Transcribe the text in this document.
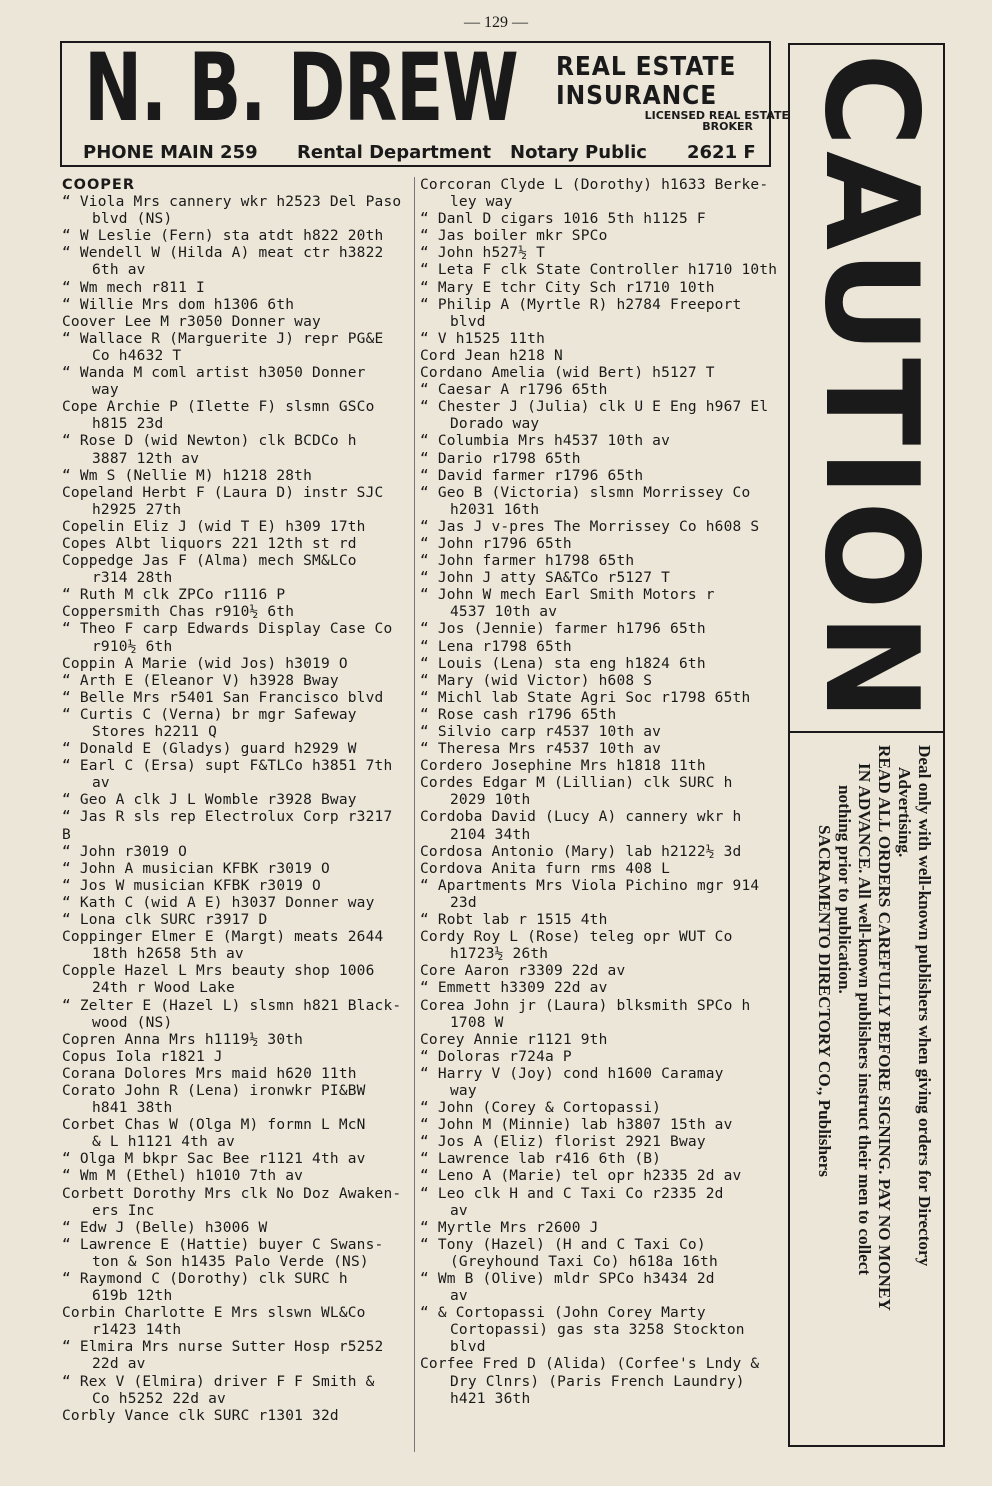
— 129 —
N. B. DREW REAL ESTATE
INSURANCE
LICENSED REAL ESTATE
BROKER
PHONE MAIN 259 Rental Department Notary Public 2621 F
COOPER
“ Viola Mrs cannery wkr h2523 Del Paso
blvd (NS)
“ W Leslie (Fern) sta atdt h822 20th
“ Wendell W (Hilda A) meat ctr h3822
6th av
“ Wm mech r811 I
“ Willie Mrs dom h1306 6th
Coover Lee M r3050 Donner way
“ Wallace R (Marguerite J) repr PG&E
Co h4632 T
“ Wanda M coml artist h3050 Donner
way
Cope Archie P (Ilette F) slsmn GSCo
h815 23d
“ Rose D (wid Newton) clk BCDCo h
3887 12th av
“ Wm S (Nellie M) h1218 28th
Copeland Herbt F (Laura D) instr SJC
h2925 27th
Copelin Eliz J (wid T E) h309 17th
Copes Albt liquors 221 12th st rd
Coppedge Jas F (Alma) mech SM&LCo
r314 28th
“ Ruth M clk ZPCo r1116 P
Coppersmith Chas r910½ 6th
“ Theo F carp Edwards Display Case Co
r910½ 6th
Coppin A Marie (wid Jos) h3019 O
“ Arth E (Eleanor V) h3928 Bway
“ Belle Mrs r5401 San Francisco blvd
“ Curtis C (Verna) br mgr Safeway
Stores h2211 Q
“ Donald E (Gladys) guard h2929 W
“ Earl C (Ersa) supt F&TLCo h3851 7th
av
“ Geo A clk J L Womble r3928 Bway
“ Jas R sls rep Electrolux Corp r3217 B
“ John r3019 O
“ John A musician KFBK r3019 O
“ Jos W musician KFBK r3019 O
“ Kath C (wid A E) h3037 Donner way
“ Lona clk SURC r3917 D
Coppinger Elmer E (Margt) meats 2644
18th h2658 5th av
Copple Hazel L Mrs beauty shop 1006
24th r Wood Lake
“ Zelter E (Hazel L) slsmn h821 Black-
wood (NS)
Copren Anna Mrs h1119½ 30th
Copus Iola r1821 J
Corana Dolores Mrs maid h620 11th
Corato John R (Lena) ironwkr PI&BW
h841 38th
Corbet Chas W (Olga M) formn L McN
& L h1121 4th av
“ Olga M bkpr Sac Bee r1121 4th av
“ Wm M (Ethel) h1010 7th av
Corbett Dorothy Mrs clk No Doz Awaken-
ers Inc
“ Edw J (Belle) h3006 W
“ Lawrence E (Hattie) buyer C Swans-
ton & Son h1435 Palo Verde (NS)
“ Raymond C (Dorothy) clk SURC h
619b 12th
Corbin Charlotte E Mrs slswn WL&Co
r1423 14th
“ Elmira Mrs nurse Sutter Hosp r5252
22d av
“ Rex V (Elmira) driver F F Smith &
Co h5252 22d av
Corbly Vance clk SURC r1301 32d
Corcoran Clyde L (Dorothy) h1633 Berke-
ley way
“ Danl D cigars 1016 5th h1125 F
“ Jas boiler mkr SPCo
“ John h527½ T
“ Leta F clk State Controller h1710 10th
“ Mary E tchr City Sch r1710 10th
“ Philip A (Myrtle R) h2784 Freeport
blvd
“ V h1525 11th
Cord Jean h218 N
Cordano Amelia (wid Bert) h5127 T
“ Caesar A r1796 65th
“ Chester J (Julia) clk U E Eng h967 El
Dorado way
“ Columbia Mrs h4537 10th av
“ Dario r1798 65th
“ David farmer r1796 65th
“ Geo B (Victoria) slsmn Morrissey Co
h2031 16th
“ Jas J v-pres The Morrissey Co h608 S
“ John r1796 65th
“ John farmer h1798 65th
“ John J atty SA&TCo r5127 T
“ John W mech Earl Smith Motors r
4537 10th av
“ Jos (Jennie) farmer h1796 65th
“ Lena r1798 65th
“ Louis (Lena) sta eng h1824 6th
“ Mary (wid Victor) h608 S
“ Michl lab State Agri Soc r1798 65th
“ Rose cash r1796 65th
“ Silvio carp r4537 10th av
“ Theresa Mrs r4537 10th av
Cordero Josephine Mrs h1818 11th
Cordes Edgar M (Lillian) clk SURC h
2029 10th
Cordoba David (Lucy A) cannery wkr h
2104 34th
Cordosa Antonio (Mary) lab h2122½ 3d
Cordova Anita furn rms 408 L
“ Apartments Mrs Viola Pichino mgr 914
23d
“ Robt lab r 1515 4th
Cordy Roy L (Rose) teleg opr WUT Co
h1723½ 26th
Core Aaron r3309 22d av
“ Emmett h3309 22d av
Corea John jr (Laura) blksmith SPCo h
1708 W
Corey Annie r1121 9th
“ Doloras r724a P
“ Harry V (Joy) cond h1600 Caramay
way
“ John (Corey & Cortopassi)
“ John M (Minnie) lab h3807 15th av
“ Jos A (Eliz) florist 2921 Bway
“ Lawrence lab r416 6th (B)
“ Leno A (Marie) tel opr h2335 2d av
“ Leo clk H and C Taxi Co r2335 2d
av
“ Myrtle Mrs r2600 J
“ Tony (Hazel) (H and C Taxi Co)
(Greyhound Taxi Co) h618a 16th
“ Wm B (Olive) mldr SPCo h3434 2d
av
“ & Cortopassi (John Corey Marty
Cortopassi) gas sta 3258 Stockton
blvd
Corfee Fred D (Alida) (Corfee's Lndy &
Dry Clnrs) (Paris French Laundry)
h421 36th
CAUTION
Deal only with well-known publishers when giving orders for Directory
Advertising.
READ ALL ORDERS CAREFULLY BEFORE SIGNING. PAY NO MONEY
IN ADVANCE. All well-known publishers instruct their men to collect
nothing prior to publication.

SACRAMENTO DIRECTORY CO., Publishers
